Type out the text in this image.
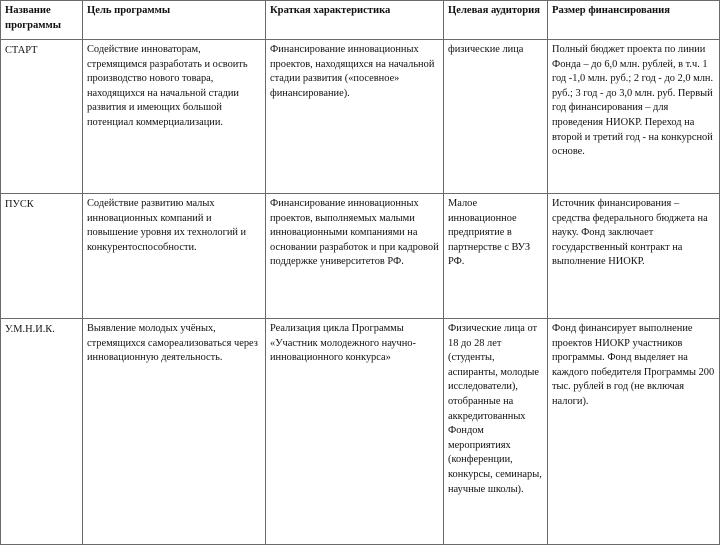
Название программы	Цель программы	Краткая характеристика	Целевая аудитория	Размер финансирования
СТАРТ	Содействие инноваторам, стремящимся разработать и освоить производство нового товара, находящихся на начальной стадии развития и имеющих большой потенциал коммерциализации.	Финансирование инновационных проектов, находящихся на начальной стадии развития («посевное» финансирование).	физические лица	Полный бюджет проекта по линии Фонда – до 6,0 млн. рублей, в т.ч. 1 год -1,0 млн. руб.; 2 год - до 2,0 млн. руб.; 3 год - до 3,0 млн. руб. Первый год финансирования – для проведения НИОКР. Переход на второй и третий год - на конкурсной основе.
ПУСК	Содействие развитию малых инновационных компаний и повышение уровня их технологий и конкурентоспособности.	Финансирование инновационных проектов, выполняемых малыми инновационными компаниями на основании разработок и при кадровой поддержке университетов РФ.	Малое инновационное предприятие в партнерстве с ВУЗ РФ.	Источник финансирования – средства федерального бюджета на науку. Фонд заключает государственный контракт на выполнение НИОКР.
У.М.Н.И.К.	Выявление молодых учёных, стремящихся самореализоваться через инновационную деятельность.	Реализация цикла Программы «Участник молодежного научно-инновационного конкурса»	Физические лица от 18 до 28 лет (студенты, аспиранты, молодые исследователи), отобранные на аккредитованных Фондом мероприятиях (конференции, конкурсы, семинары, научные школы).	Фонд финансирует выполнение проектов НИОКР участников программы. Фонд выделяет на каждого победителя Программы 200 тыс. рублей в год (не включая налоги).
